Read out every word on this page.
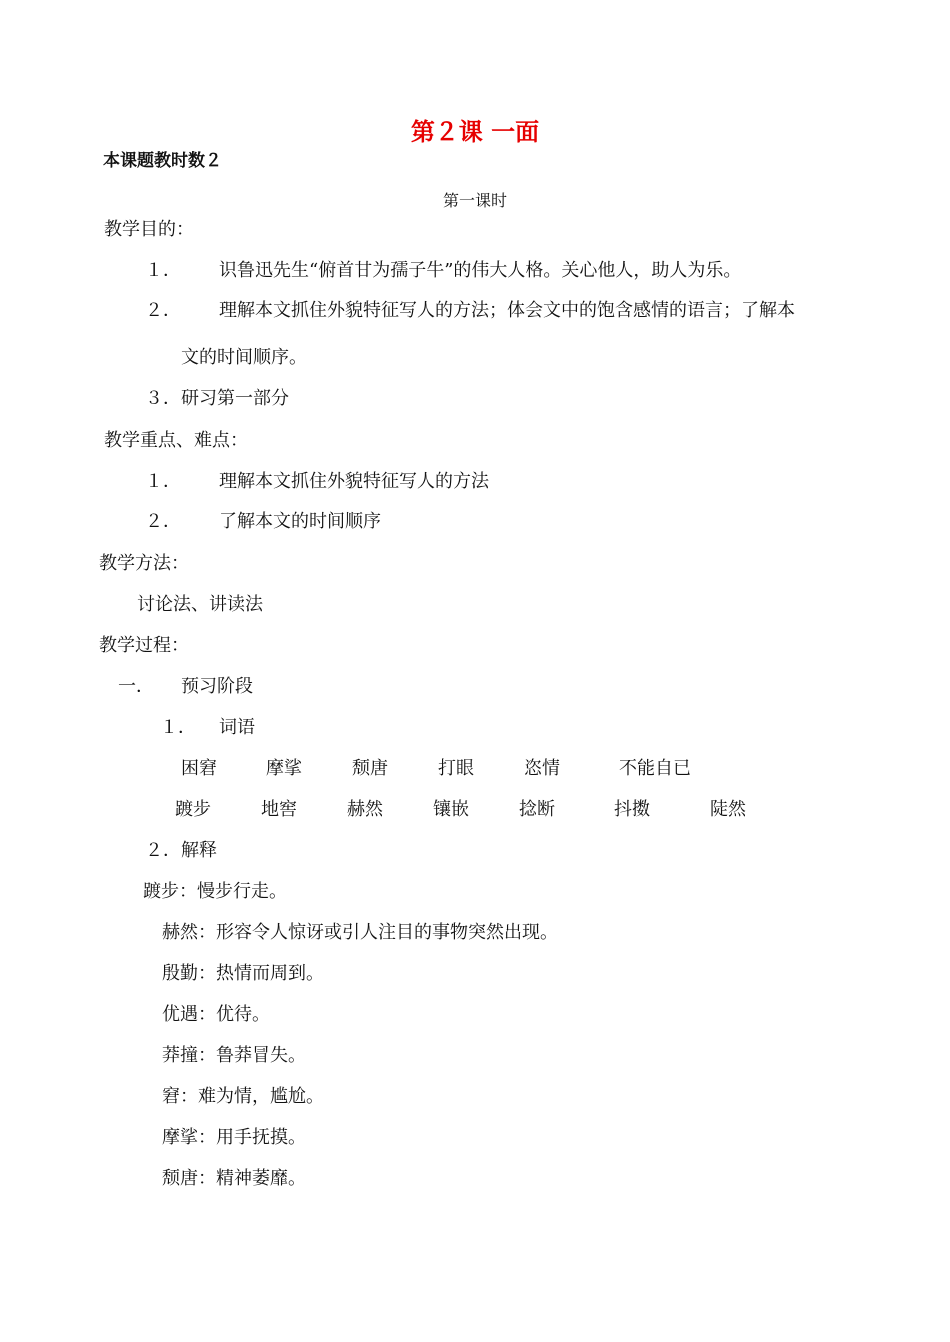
第２课 一面
本课题教时数２
第一课时
教学目的：
１． 识鲁迅先生“俯首甘为孺子牛”的伟大人格。关心他人，助人为乐。
２． 理解本文抓住外貌特征写人的方法；体会文中的饱含感情的语言；了解本
文的时间顺序。
３． 研习第一部分
教学重点、难点：
１． 理解本文抓住外貌特征写人的方法
２． 了解本文的时间顺序
教学方法：
讨论法、讲读法
教学过程：
一． 预习阶段
１． 词语
困窘	摩挲	颓唐	打眼	恣情	不能自已
踱步	地窖	赫然	镶嵌	捻断	抖擞	陡然
２． 解释
踱步：慢步行走。
赫然：形容令人惊讶或引人注目的事物突然出现。
殷勤：热情而周到。
优遇：优待。
莽撞：鲁莽冒失。
窘：难为情，尴尬。
摩挲：用手抚摸。
颓唐：精神萎靡。
